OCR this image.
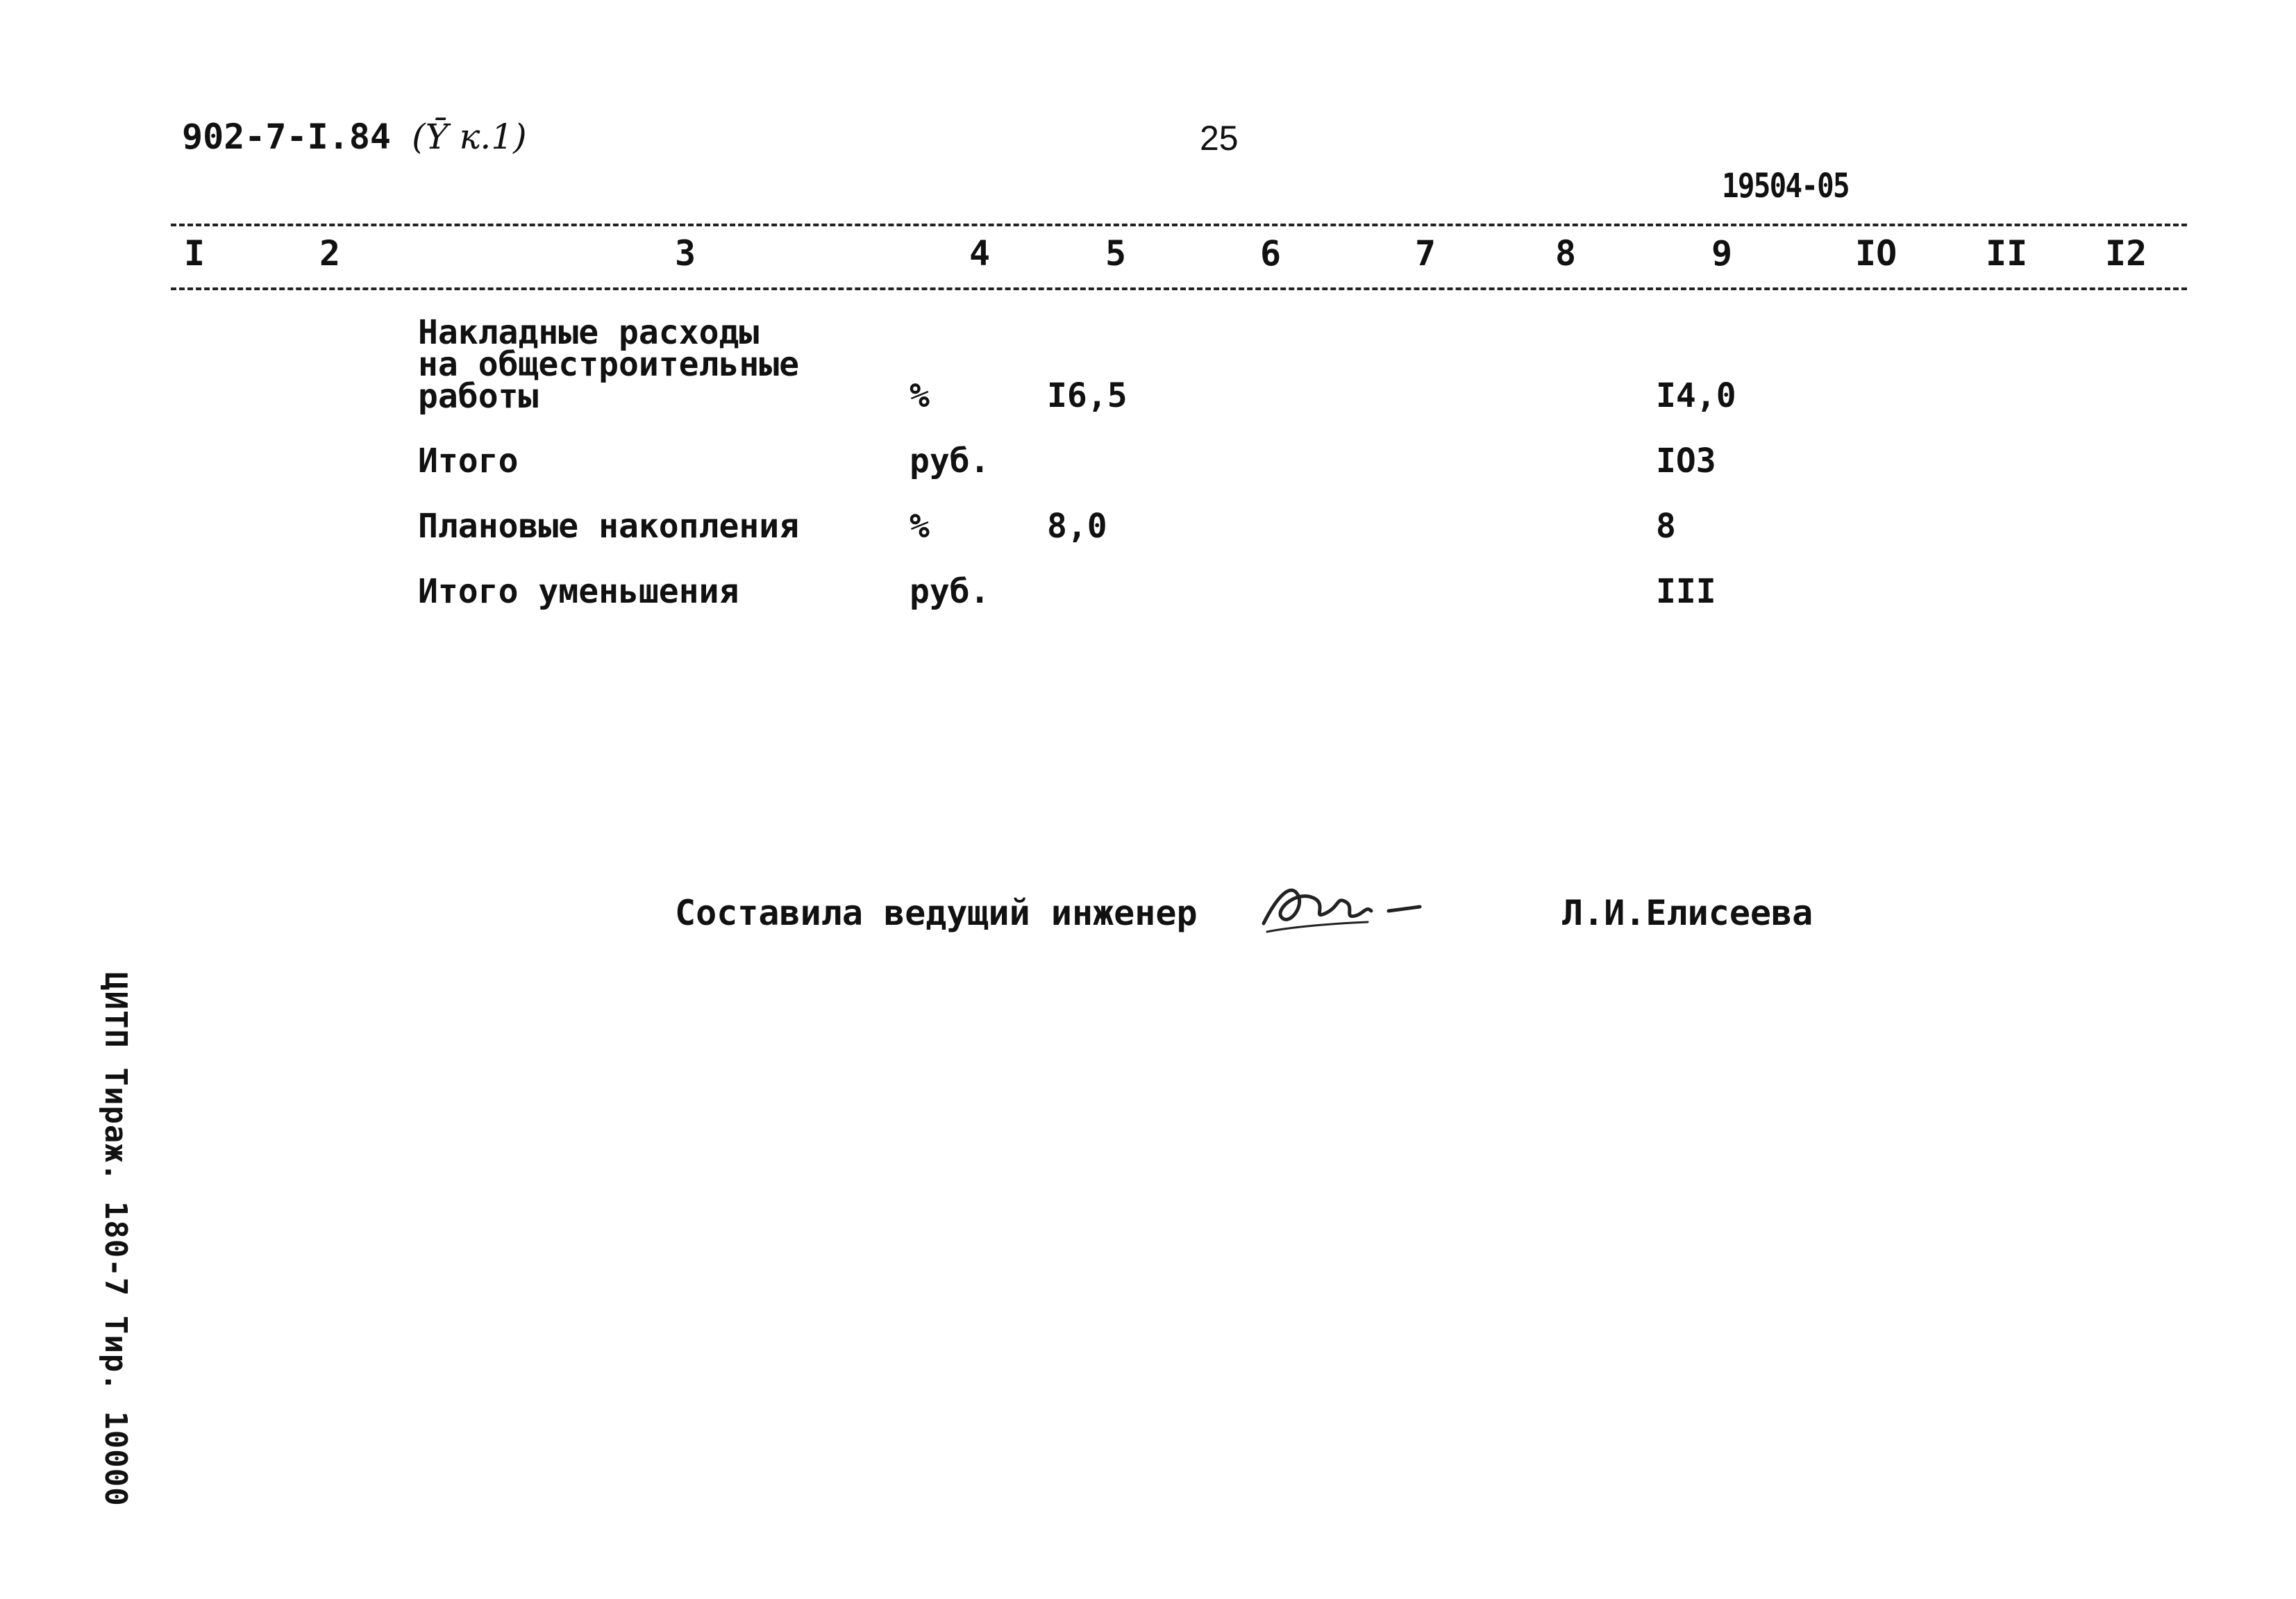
902-7-I.84 (Ȳ к.1)	25
19504-05
I	2	3	4	5	6	7	8	9	IO	II I2
Накладные расходы
на общестроительные
работы	%	I6,5	I4,0
Итого	руб.	IO3
Плановые накопления	%	8,0	8
Итого уменьшения	руб.	III
Составила ведущий инженер	Л.И.Елисеева
ЦИТП Тираж. 180-7 Тир. 10000
